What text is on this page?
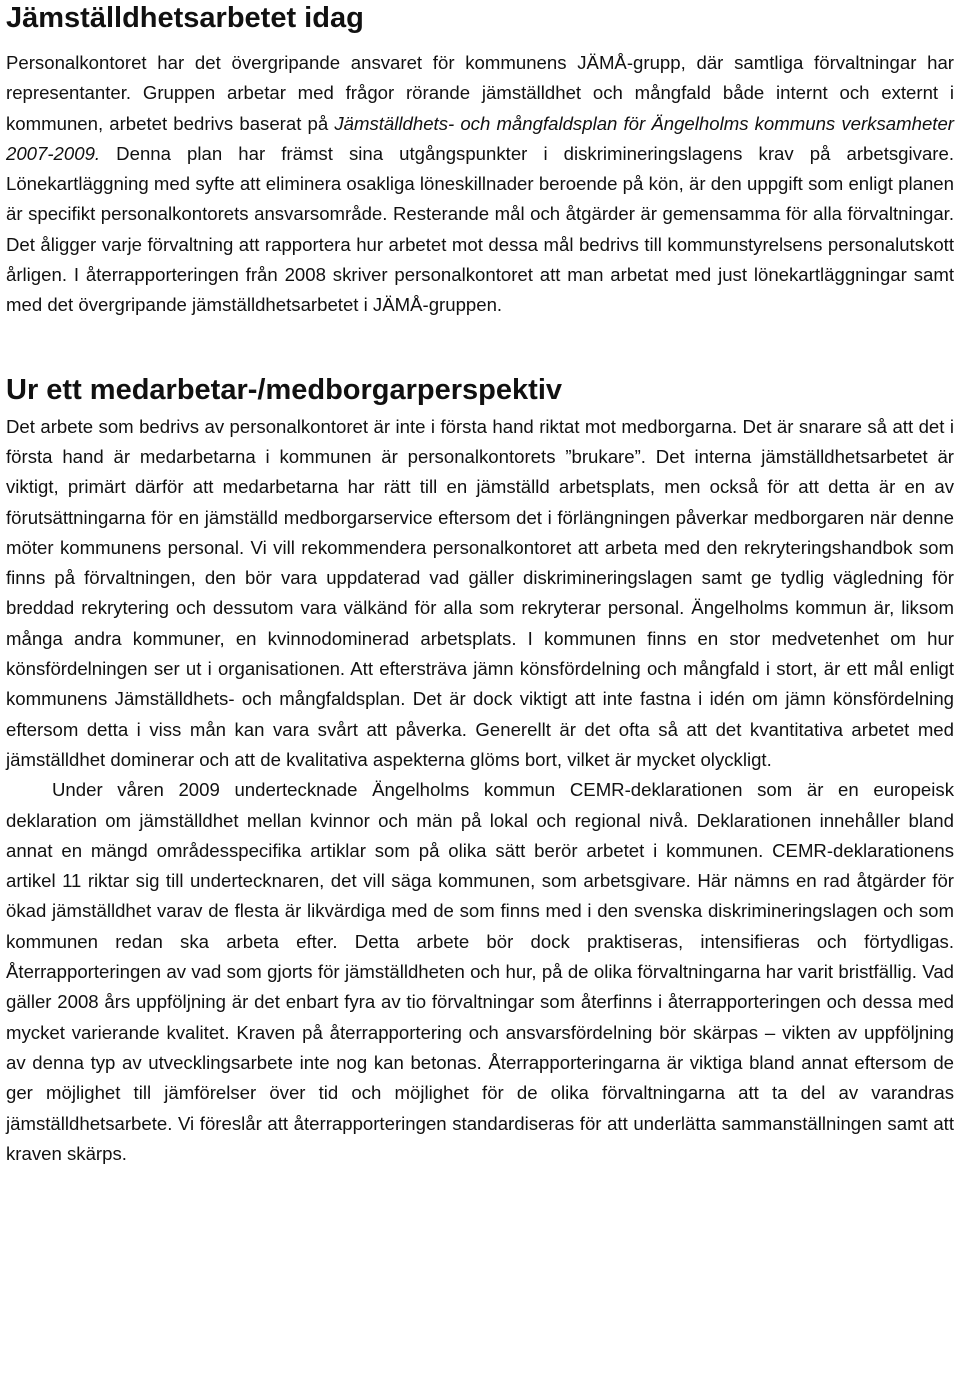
Jämställdhetsarbetet idag

Personalkontoret har det övergripande ansvaret för kommunens JÄMÅ-grupp, där samtliga förvaltningar har representanter. Gruppen arbetar med frågor rörande jämställdhet och mångfald både internt och externt i kommunen, arbetet bedrivs baserat på Jämställdhets- och mångfaldsplan för Ängelholms kommuns verksamheter 2007-2009. Denna plan har främst sina utgångspunkter i diskrimineringslagens krav på arbetsgivare. Lönekartläggning med syfte att eliminera osakliga löneskillnader beroende på kön, är den uppgift som enligt planen är specifikt personalkontorets ansvarsområde. Resterande mål och åtgärder är gemensamma för alla förvaltningar. Det åligger varje förvaltning att rapportera hur arbetet mot dessa mål bedrivs till kommunstyrelsens personalutskott årligen. I återrapporteringen från 2008 skriver personalkontoret att man arbetat med just lönekartläggningar samt med det övergripande jämställdhetsarbetet i JÄMÅ-gruppen.

Ur ett medarbetar-/medborgarperspektiv

Det arbete som bedrivs av personalkontoret är inte i första hand riktat mot medborgarna. Det är snarare så att det i första hand är medarbetarna i kommunen är personalkontorets ”brukare”. Det interna jämställdhetsarbetet är viktigt, primärt därför att medarbetarna har rätt till en jämställd arbetsplats, men också för att detta är en av förutsättningarna för en jämställd medborgarservice eftersom det i förlängningen påverkar medborgaren när denne möter kommunens personal. Vi vill rekommendera personalkontoret att arbeta med den rekryteringshandbok som finns på förvaltningen, den bör vara uppdaterad vad gäller diskrimineringslagen samt ge tydlig vägledning för breddad rekrytering och dessutom vara välkänd för alla som rekryterar personal. Ängelholms kommun är, liksom många andra kommuner, en kvinnodominerad arbetsplats. I kommunen finns en stor medvetenhet om hur könsfördelningen ser ut i organisationen. Att eftersträva jämn könsfördelning och mångfald i stort, är ett mål enligt kommunens Jämställdhets- och mångfaldsplan. Det är dock viktigt att inte fastna i idén om jämn könsfördelning eftersom detta i viss mån kan vara svårt att påverka. Generellt är det ofta så att det kvantitativa arbetet med jämställdhet dominerar och att de kvalitativa aspekterna glöms bort, vilket är mycket olyckligt.

Under våren 2009 undertecknade Ängelholms kommun CEMR-deklarationen som är en europeisk deklaration om jämställdhet mellan kvinnor och män på lokal och regional nivå. Deklarationen innehåller bland annat en mängd områdesspecifika artiklar som på olika sätt berör arbetet i kommunen. CEMR-deklarationens artikel 11 riktar sig till undertecknaren, det vill säga kommunen, som arbetsgivare. Här nämns en rad åtgärder för ökad jämställdhet varav de flesta är likvärdiga med de som finns med i den svenska diskrimineringslagen och som kommunen redan ska arbeta efter. Detta arbete bör dock praktiseras, intensifieras och förtydligas. Återrapporteringen av vad som gjorts för jämställdheten och hur, på de olika förvaltningarna har varit bristfällig. Vad gäller 2008 års uppföljning är det enbart fyra av tio förvaltningar som återfinns i återrapporteringen och dessa med mycket varierande kvalitet. Kraven på återrapportering och ansvarsfördelning bör skärpas – vikten av uppföljning av denna typ av utvecklingsarbete inte nog kan betonas. Återrapporteringarna är viktiga bland annat eftersom de ger möjlighet till jämförelser över tid och möjlighet för de olika förvaltningarna att ta del av varandras jämställdhetsarbete. Vi föreslår att återrapporteringen standardiseras för att underlätta sammanställningen samt att kraven skärps.
